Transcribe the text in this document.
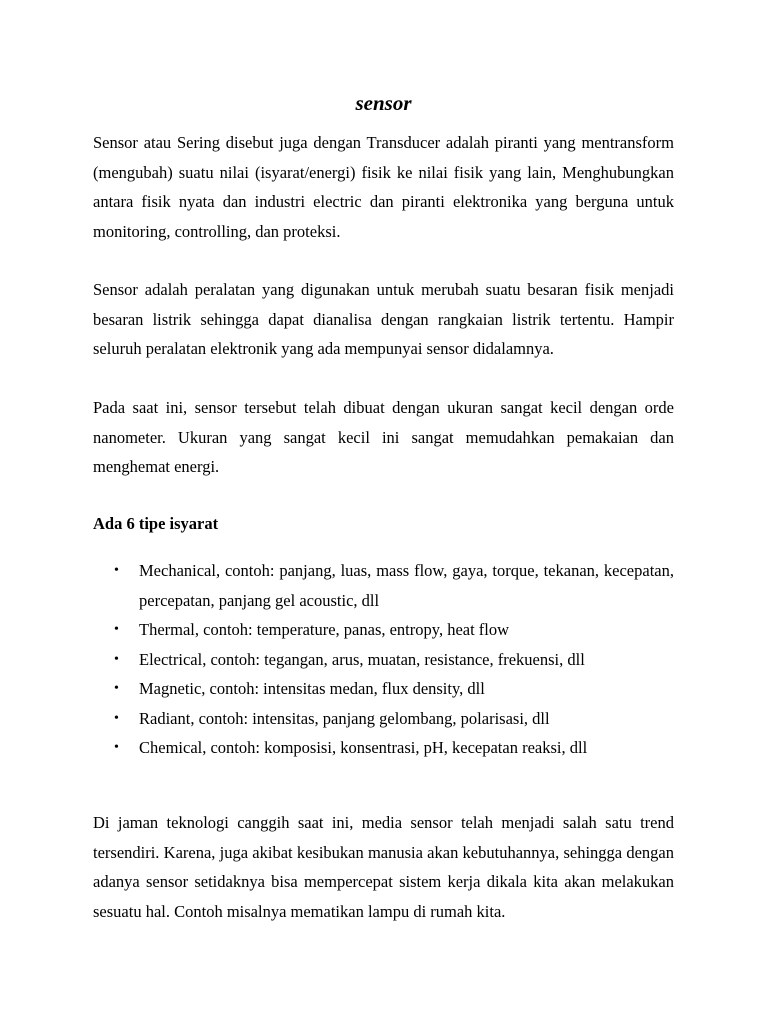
sensor

Sensor atau Sering disebut juga dengan Transducer adalah piranti yang mentransform (mengubah) suatu nilai (isyarat/energi) fisik ke nilai fisik yang lain, Menghubungkan antara fisik nyata dan industri electric dan piranti elektronika yang berguna untuk monitoring, controlling, dan proteksi.

Sensor adalah peralatan yang digunakan untuk merubah suatu besaran fisik menjadi besaran listrik sehingga dapat dianalisa dengan rangkaian listrik tertentu. Hampir seluruh peralatan elektronik yang ada mempunyai sensor didalamnya.

Pada saat ini, sensor tersebut telah dibuat dengan ukuran sangat kecil dengan orde nanometer. Ukuran yang sangat kecil ini sangat memudahkan pemakaian dan menghemat energi.

Ada 6 tipe isyarat
• Mechanical, contoh: panjang, luas, mass flow, gaya, torque, tekanan, kecepatan, percepatan, panjang gel acoustic, dll
• Thermal, contoh: temperature, panas, entropy, heat flow
• Electrical, contoh: tegangan, arus, muatan, resistance, frekuensi, dll
• Magnetic, contoh: intensitas medan, flux density, dll
• Radiant, contoh: intensitas, panjang gelombang, polarisasi, dll
• Chemical, contoh: komposisi, konsentrasi, pH, kecepatan reaksi, dll

Di jaman teknologi canggih saat ini, media sensor telah menjadi salah satu trend tersendiri. Karena, juga akibat kesibukan manusia akan kebutuhannya, sehingga dengan adanya sensor setidaknya bisa mempercepat sistem kerja dikala kita akan melakukan sesuatu hal. Contoh misalnya mematikan lampu di rumah kita.
